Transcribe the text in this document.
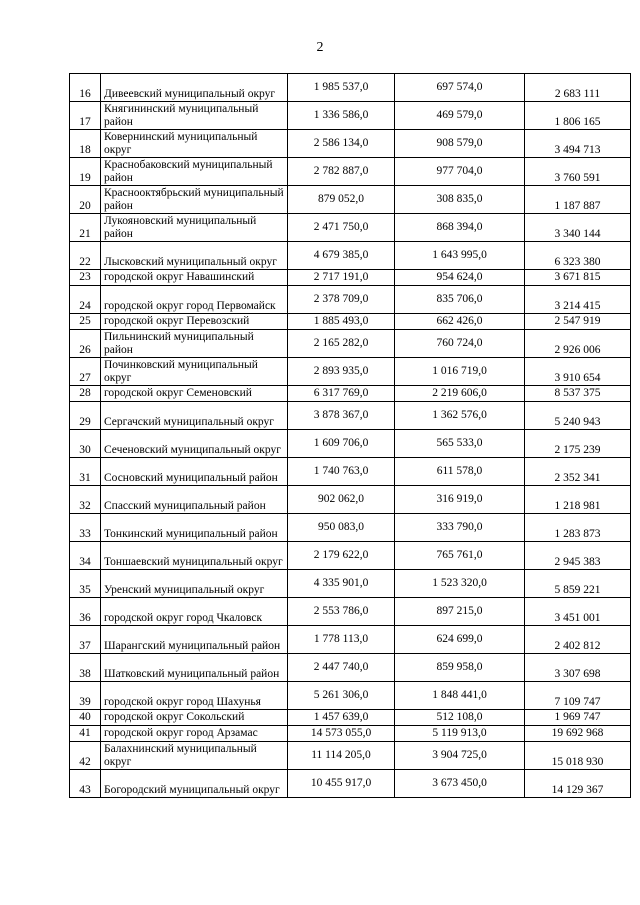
2
16	Дивеевский муниципальный округ	1 985 537,0	697 574,0	2 683 111
17	Княгининский муниципальный район	1 336 586,0	469 579,0	1 806 165
18	Ковернинский муниципальный округ	2 586 134,0	908 579,0	3 494 713
19	Краснобаковский муниципальный район	2 782 887,0	977 704,0	3 760 591
20	Краснооктябрьский муниципальный район	879 052,0	308 835,0	1 187 887
21	Лукояновский муниципальный район	2 471 750,0	868 394,0	3 340 144
22	Лысковский муниципальный округ	4 679 385,0	1 643 995,0	6 323 380
23	городской округ Навашинский	2 717 191,0	954 624,0	3 671 815
24	городской округ город Первомайск	2 378 709,0	835 706,0	3 214 415
25	городской округ Перевозский	1 885 493,0	662 426,0	2 547 919
26	Пильнинский муниципальный район	2 165 282,0	760 724,0	2 926 006
27	Починковский муниципальный округ	2 893 935,0	1 016 719,0	3 910 654
28	городской округ Семеновский	6 317 769,0	2 219 606,0	8 537 375
29	Сергачский муниципальный округ	3 878 367,0	1 362 576,0	5 240 943
30	Сеченовский муниципальный округ	1 609 706,0	565 533,0	2 175 239
31	Сосновский муниципальный район	1 740 763,0	611 578,0	2 352 341
32	Спасский муниципальный район	902 062,0	316 919,0	1 218 981
33	Тонкинский муниципальный район	950 083,0	333 790,0	1 283 873
34	Тоншаевский муниципальный округ	2 179 622,0	765 761,0	2 945 383
35	Уренский муниципальный округ	4 335 901,0	1 523 320,0	5 859 221
36	городской округ город Чкаловск	2 553 786,0	897 215,0	3 451 001
37	Шарангский муниципальный район	1 778 113,0	624 699,0	2 402 812
38	Шатковский муниципальный район	2 447 740,0	859 958,0	3 307 698
39	городской округ город Шахунья	5 261 306,0	1 848 441,0	7 109 747
40	городской округ Сокольский	1 457 639,0	512 108,0	1 969 747
41	городской округ город Арзамас	14 573 055,0	5 119 913,0	19 692 968
42	Балахнинский муниципальный округ	11 114 205,0	3 904 725,0	15 018 930
43	Богородский муниципальный округ	10 455 917,0	3 673 450,0	14 129 367
